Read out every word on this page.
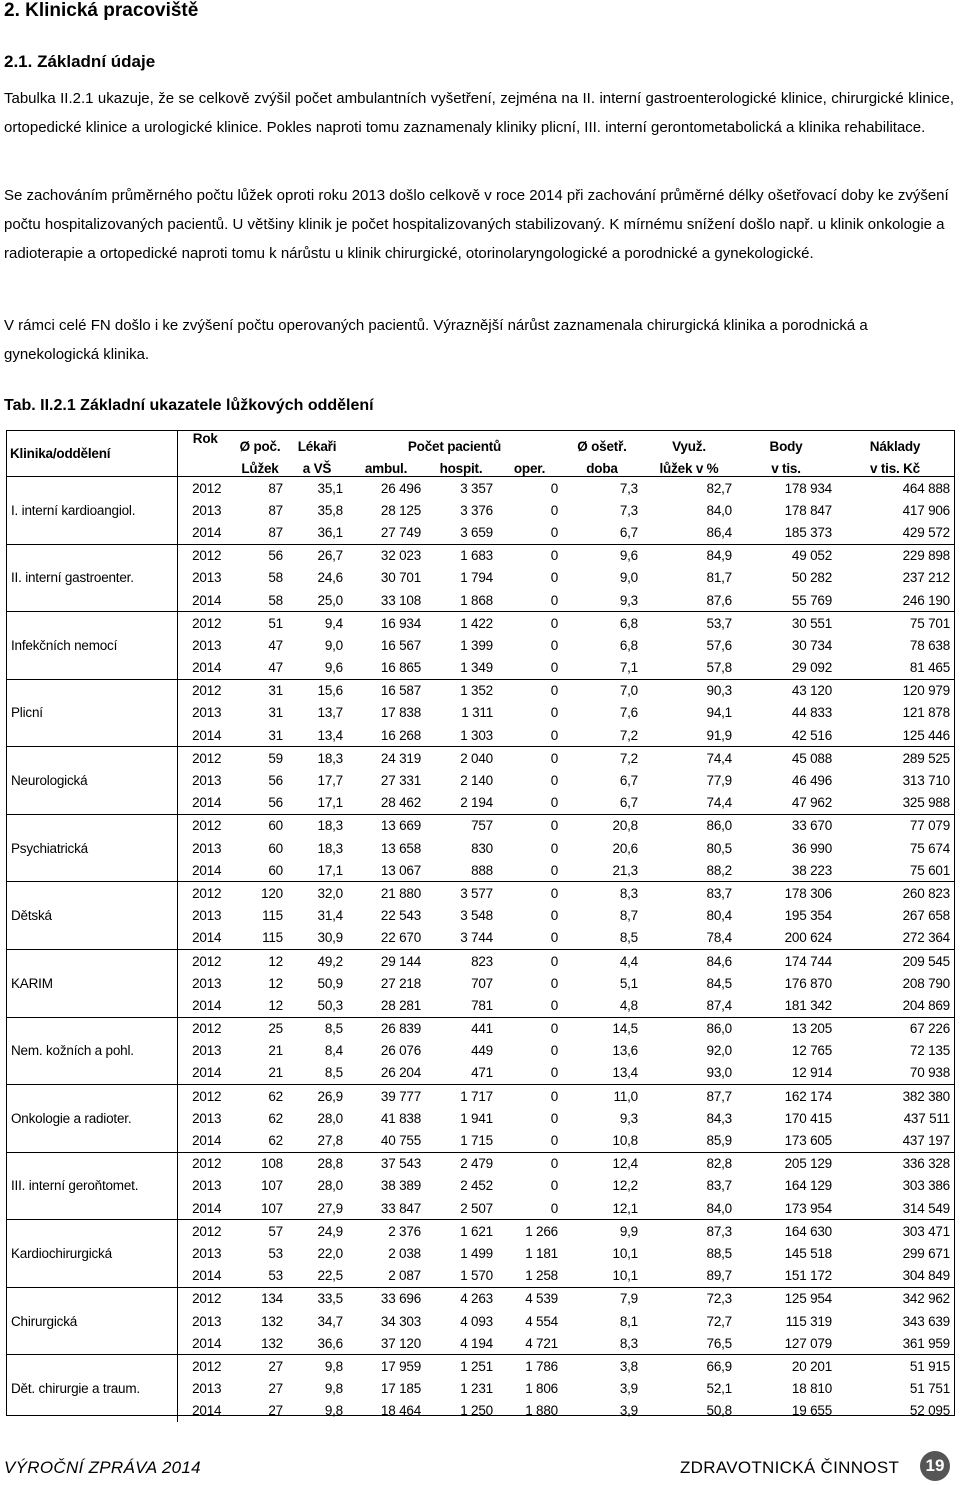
2. Klinická pracoviště
2.1. Základní údaje
Tabulka II.2.1 ukazuje, že se celkově zvýšil počet ambulantních vyšetření, zejména na II. interní gastroenterologické klinice, chirurgické klinice, ortopedické klinice a urologické klinice. Pokles naproti tomu zaznamenaly kliniky plicní, III. interní gerontometabolická a klinika rehabilitace.
Se zachováním průměrného počtu lůžek oproti roku 2013 došlo celkově v roce 2014 při zachování průměrné délky ošetřovací doby ke zvýšení počtu hospitalizovaných pacientů. U většiny klinik je počet hospitalizovaných stabilizovaný. K mírnému snížení došlo např. u klinik onkologie a radioterapie a ortopedické naproti tomu k nárůstu u klinik chirurgické, otorinolaryngologické a porodnické a gynekologické.
V rámci celé FN došlo i ke zvýšení počtu operovaných pacientů. Výraznější nárůst zaznamenala chirurgická klinika a porodnická a gynekologická klinika.
Tab. II.2.1 Základní ukazatele lůžkových oddělení
Klinika/oddělení	Rok	Ø poč.	Lékaři	Počet pacientů			Ø ošetř.	Využ.	Body	Náklady
		Lůžek	a VŠ	ambul.	hospit.	oper.	doba	lůžek v %	v tis.	v tis. Kč
I. interní kardioangiol.	2012	87	35,1	26 496	3 357	0	7,3	82,7	178 934	464 888
	2013	87	35,8	28 125	3 376	0	7,3	84,0	178 847	417 906
	2014	87	36,1	27 749	3 659	0	6,7	86,4	185 373	429 572
II. interní gastroenter.	2012	56	26,7	32 023	1 683	0	9,6	84,9	49 052	229 898
	2013	58	24,6	30 701	1 794	0	9,0	81,7	50 282	237 212
	2014	58	25,0	33 108	1 868	0	9,3	87,6	55 769	246 190
Infekčních nemocí	2012	51	9,4	16 934	1 422	0	6,8	53,7	30 551	75 701
	2013	47	9,0	16 567	1 399	0	6,8	57,6	30 734	78 638
	2014	47	9,6	16 865	1 349	0	7,1	57,8	29 092	81 465
Plicní	2012	31	15,6	16 587	1 352	0	7,0	90,3	43 120	120 979
	2013	31	13,7	17 838	1 311	0	7,6	94,1	44 833	121 878
	2014	31	13,4	16 268	1 303	0	7,2	91,9	42 516	125 446
Neurologická	2012	59	18,3	24 319	2 040	0	7,2	74,4	45 088	289 525
	2013	56	17,7	27 331	2 140	0	6,7	77,9	46 496	313 710
	2014	56	17,1	28 462	2 194	0	6,7	74,4	47 962	325 988
Psychiatrická	2012	60	18,3	13 669	757	0	20,8	86,0	33 670	77 079
	2013	60	18,3	13 658	830	0	20,6	80,5	36 990	75 674
	2014	60	17,1	13 067	888	0	21,3	88,2	38 223	75 601
Dětská	2012	120	32,0	21 880	3 577	0	8,3	83,7	178 306	260 823
	2013	115	31,4	22 543	3 548	0	8,7	80,4	195 354	267 658
	2014	115	30,9	22 670	3 744	0	8,5	78,4	200 624	272 364
KARIM	2012	12	49,2	29 144	823	0	4,4	84,6	174 744	209 545
	2013	12	50,9	27 218	707	0	5,1	84,5	176 870	208 790
	2014	12	50,3	28 281	781	0	4,8	87,4	181 342	204 869
Nem. kožních a pohl.	2012	25	8,5	26 839	441	0	14,5	86,0	13 205	67 226
	2013	21	8,4	26 076	449	0	13,6	92,0	12 765	72 135
	2014	21	8,5	26 204	471	0	13,4	93,0	12 914	70 938
Onkologie a radioter.	2012	62	26,9	39 777	1 717	0	11,0	87,7	162 174	382 380
	2013	62	28,0	41 838	1 941	0	9,3	84,3	170 415	437 511
	2014	62	27,8	40 755	1 715	0	10,8	85,9	173 605	437 197
III. interní geroňtomet.	2012	108	28,8	37 543	2 479	0	12,4	82,8	205 129	336 328
	2013	107	28,0	38 389	2 452	0	12,2	83,7	164 129	303 386
	2014	107	27,9	33 847	2 507	0	12,1	84,0	173 954	314 549
Kardiochirurgická	2012	57	24,9	2 376	1 621	1 266	9,9	87,3	164 630	303 471
	2013	53	22,0	2 038	1 499	1 181	10,1	88,5	145 518	299 671
	2014	53	22,5	2 087	1 570	1 258	10,1	89,7	151 172	304 849
Chirurgická	2012	134	33,5	33 696	4 263	4 539	7,9	72,3	125 954	342 962
	2013	132	34,7	34 303	4 093	4 554	8,1	72,7	115 319	343 639
	2014	132	36,6	37 120	4 194	4 721	8,3	76,5	127 079	361 959
Dět. chirurgie a traum.	2012	27	9,8	17 959	1 251	1 786	3,8	66,9	20 201	51 915
	2013	27	9,8	17 185	1 231	1 806	3,9	52,1	18 810	51 751
	2014	27	9,8	18 464	1 250	1 880	3,9	50,8	19 655	52 095
VÝROČNÍ ZPRÁVA 2014	ZDRAVOTNICKÁ ČINNOST	19
